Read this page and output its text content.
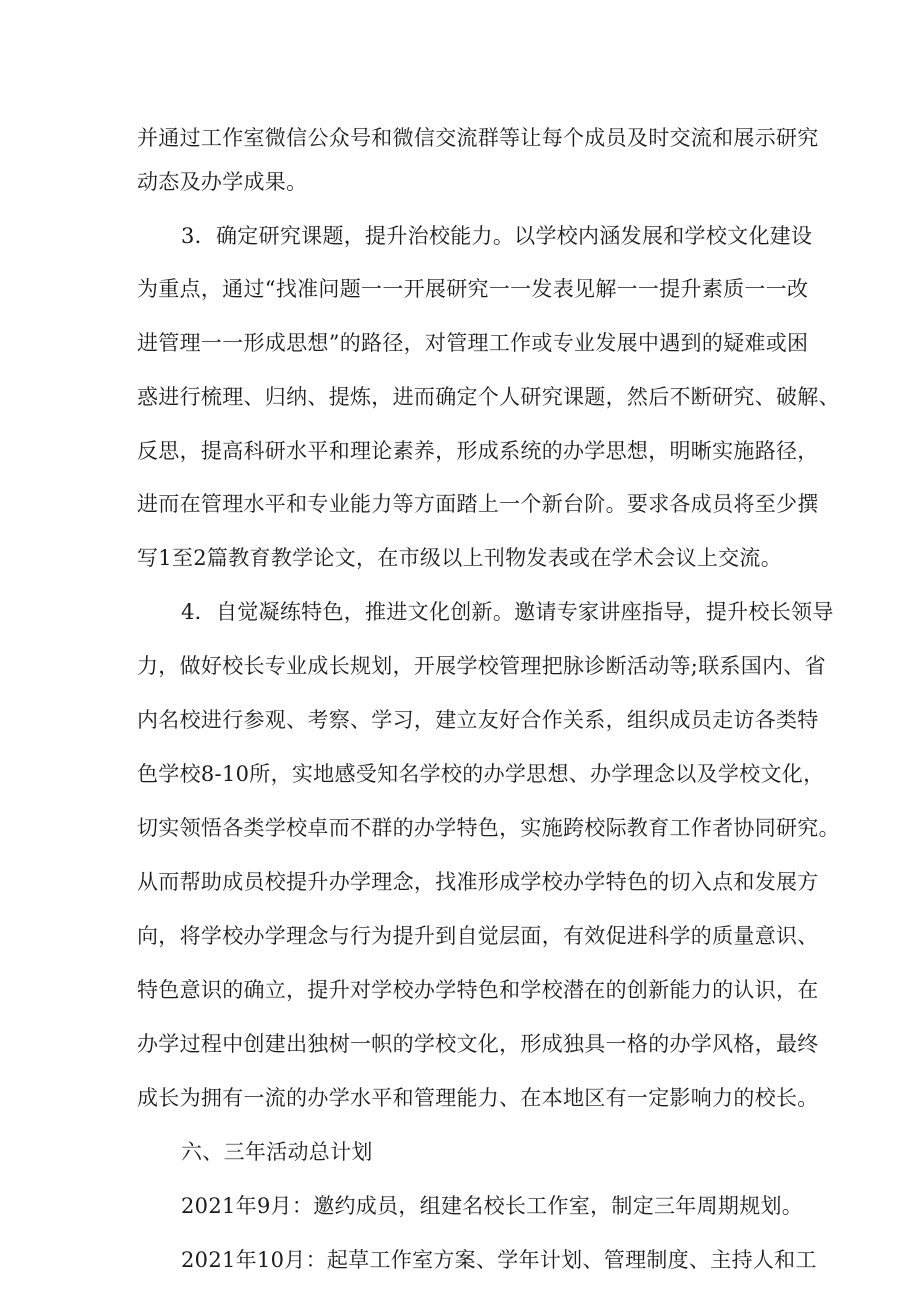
并通过工作室微信公众号和微信交流群等让每个成员及时交流和展示研究
动态及办学成果。
3．确定研究课题，提升治校能力。以学校内涵发展和学校文化建设
为重点，通过“找准问题一一开展研究一一发表见解一一提升素质一一改
进管理一一形成思想”的路径，对管理工作或专业发展中遇到的疑难或困
惑进行梳理、归纳、提炼，进而确定个人研究课题，然后不断研究、破解、
反思，提高科研水平和理论素养，形成系统的办学思想，明晰实施路径，
进而在管理水平和专业能力等方面踏上一个新台阶。要求各成员将至少撰
写1至2篇教育教学论文，在市级以上刊物发表或在学术会议上交流。
4．自觉凝练特色，推进文化创新。邀请专家讲座指导，提升校长领导
力，做好校长专业成长规划，开展学校管理把脉诊断活动等;联系国内、省
内名校进行参观、考察、学习，建立友好合作关系，组织成员走访各类特
色学校8-10所，实地感受知名学校的办学思想、办学理念以及学校文化，
切实领悟各类学校卓而不群的办学特色，实施跨校际教育工作者协同研究。
从而帮助成员校提升办学理念，找准形成学校办学特色的切入点和发展方
向，将学校办学理念与行为提升到自觉层面，有效促进科学的质量意识、
特色意识的确立，提升对学校办学特色和学校潜在的创新能力的认识，在
办学过程中创建出独树一帜的学校文化，形成独具一格的办学风格，最终
成长为拥有一流的办学水平和管理能力、在本地区有一定影响力的校长。
六、三年活动总计划
2021年9月：邀约成员，组建名校长工作室，制定三年周期规划。
2021年10月：起草工作室方案、学年计划、管理制度、主持人和工
